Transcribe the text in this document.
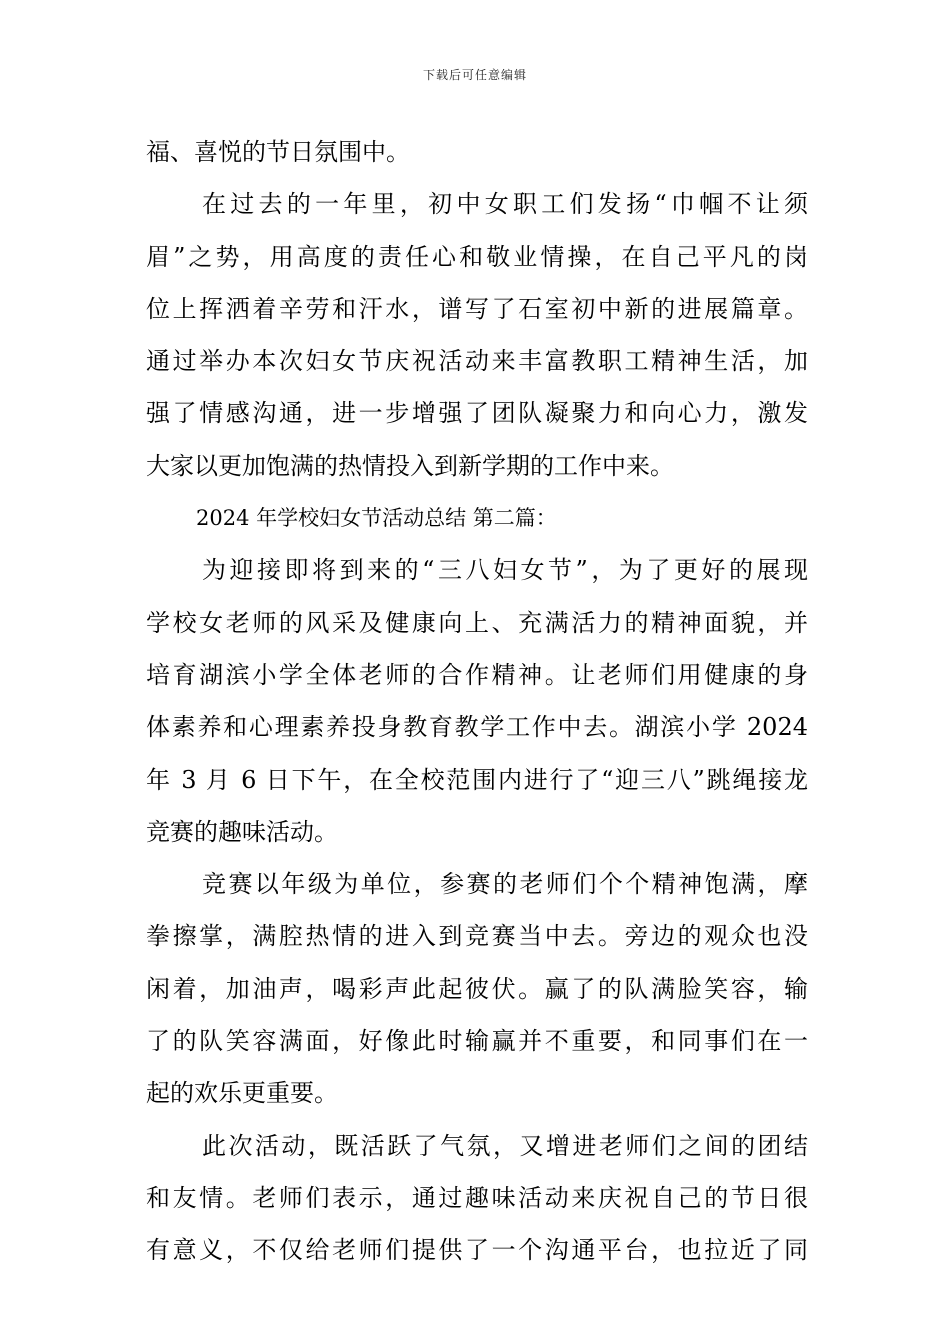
下载后可任意编辑
福、喜悦的节日氛围中。
在过去的一年里，初中女职工们发扬“巾帼不让须
眉”之势，用高度的责任心和敬业情操，在自己平凡的岗
位上挥洒着辛劳和汗水，谱写了石室初中新的进展篇章。
通过举办本次妇女节庆祝活动来丰富教职工精神生活，加
强了情感沟通，进一步增强了团队凝聚力和向心力，激发
大家以更加饱满的热情投入到新学期的工作中来。
2024 年学校妇女节活动总结 第二篇：
为迎接即将到来的“三八妇女节”，为了更好的展现
学校女老师的风采及健康向上、充满活力的精神面貌，并
培育湖滨小学全体老师的合作精神。让老师们用健康的身
体素养和心理素养投身教育教学工作中去。湖滨小学 2024
年 3 月 6 日下午，在全校范围内进行了“迎三八”跳绳接龙
竞赛的趣味活动。
竞赛以年级为单位，参赛的老师们个个精神饱满，摩
拳擦掌，满腔热情的进入到竞赛当中去。旁边的观众也没
闲着，加油声，喝彩声此起彼伏。赢了的队满脸笑容，输
了的队笑容满面，好像此时输赢并不重要，和同事们在一
起的欢乐更重要。
此次活动，既活跃了气氛，又增进老师们之间的团结
和友情。老师们表示，通过趣味活动来庆祝自己的节日很
有意义，不仅给老师们提供了一个沟通平台，也拉近了同
